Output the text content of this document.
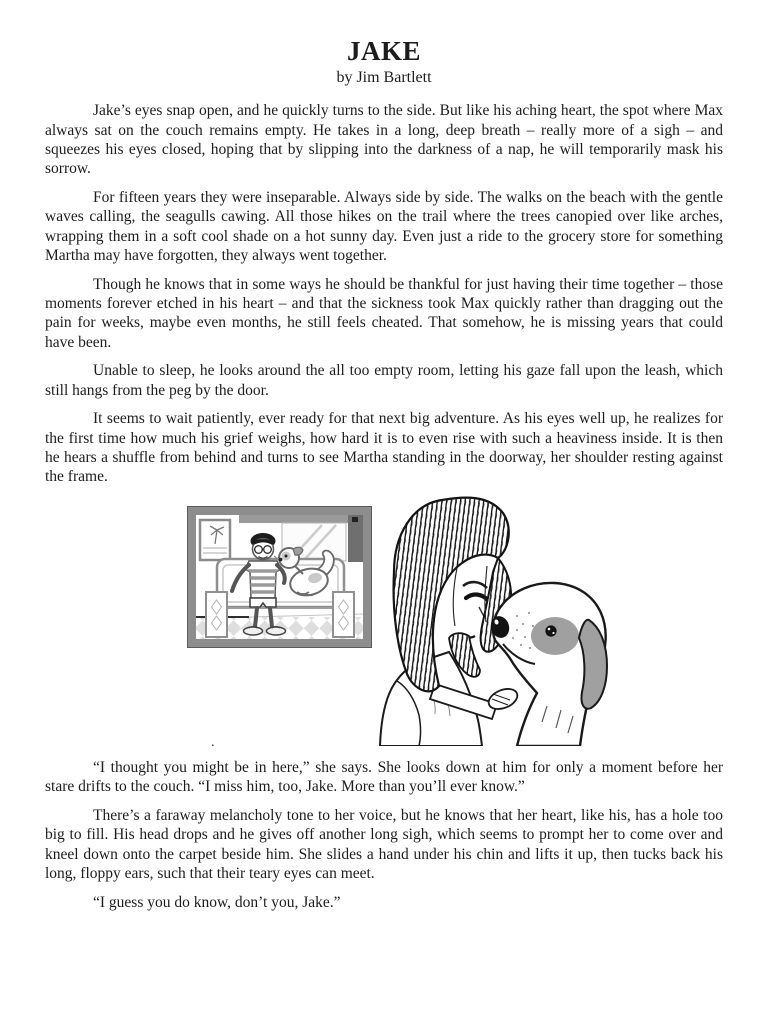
JAKE
by Jim Bartlett

Jake’s eyes snap open, and he quickly turns to the side. But like his aching heart, the spot where Max always sat on the couch remains empty. He takes in a long, deep breath – really more of a sigh – and squeezes his eyes closed, hoping that by slipping into the darkness of a nap, he will temporarily mask his sorrow.

For fifteen years they were inseparable. Always side by side. The walks on the beach with the gentle waves calling, the seagulls cawing. All those hikes on the trail where the trees canopied over like arches, wrapping them in a soft cool shade on a hot sunny day. Even just a ride to the grocery store for something Martha may have forgotten, they always went together.

Though he knows that in some ways he should be thankful for just having their time together – those moments forever etched in his heart – and that the sickness took Max quickly rather than dragging out the pain for weeks, maybe even months, he still feels cheated. That somehow, he is missing years that could have been.

Unable to sleep, he looks around the all too empty room, letting his gaze fall upon the leash, which still hangs from the peg by the door.

It seems to wait patiently, ever ready for that next big adventure. As his eyes well up, he realizes for the first time how much his grief weighs, how hard it is to even rise with such a heaviness inside. It is then he hears a shuffle from behind and turns to see Martha standing in the doorway, her shoulder resting against the frame.

.

“I thought you might be in here,” she says. She looks down at him for only a moment before her stare drifts to the couch. “I miss him, too, Jake. More than you’ll ever know.”

There’s a faraway melancholy tone to her voice, but he knows that her heart, like his, has a hole too big to fill. His head drops and he gives off another long sigh, which seems to prompt her to come over and kneel down onto the carpet beside him. She slides a hand under his chin and lifts it up, then tucks back his long, floppy ears, such that their teary eyes can meet.

“I guess you do know, don’t you, Jake.”
